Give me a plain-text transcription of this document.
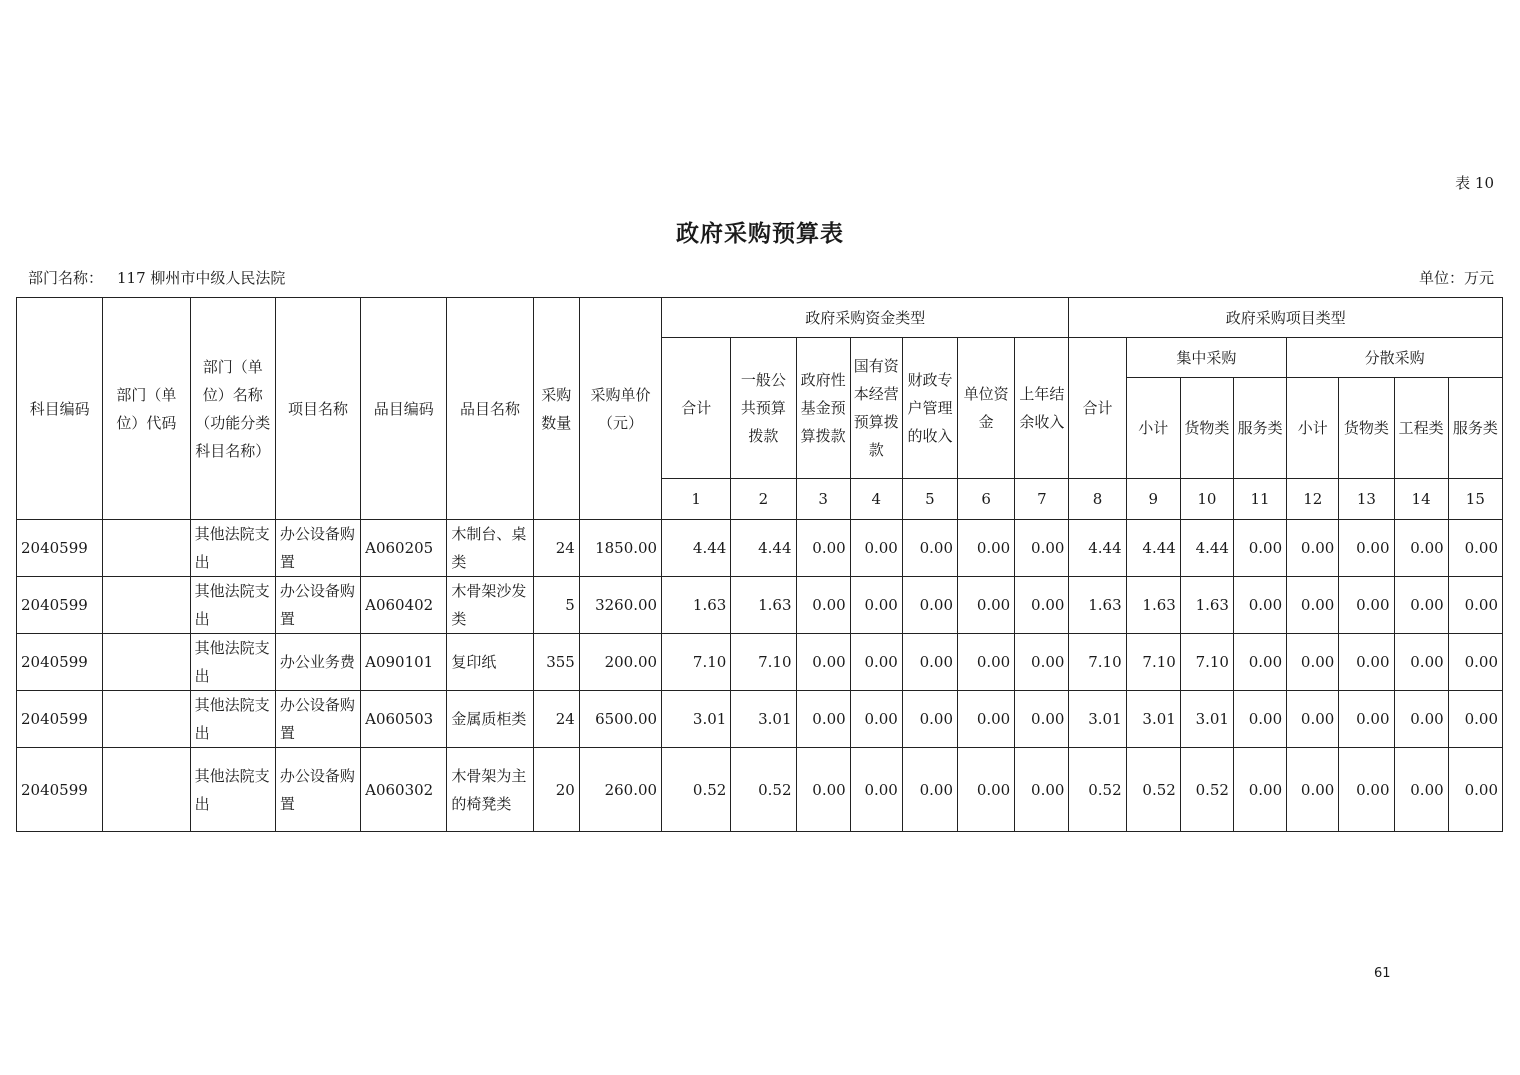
表 10
政府采购预算表
部门名称： 117 柳州市中级人民法院	单位：万元
科目编码	部门（单位）代码	部门（单位）名称（功能分类科目名称）	项目名称	品目编码	品目名称	采购数量	采购单价（元）	政府采购资金类型							政府采购项目类型							
								合计	一般公共预算拨款	政府性基金预算拨款	国有资本经营预算拨款	财政专户管理的收入	单位资金	上年结余收入	合计	集中采购			分散采购			
																小计	货物类	服务类	小计	货物类	工程类	服务类
								1	2	3	4	5	6	7	8	9	10	11	12	13	14	15
2040599		其他法院支出	办公设备购置	A060205	木制台、桌类	24	1850.00	4.44	4.44	0.00	0.00	0.00	0.00	0.00	4.44	4.44	4.44	0.00	0.00	0.00	0.00	0.00
2040599		其他法院支出	办公设备购置	A060402	木骨架沙发类	5	3260.00	1.63	1.63	0.00	0.00	0.00	0.00	0.00	1.63	1.63	1.63	0.00	0.00	0.00	0.00	0.00
2040599		其他法院支出	办公业务费	A090101	复印纸	355	200.00	7.10	7.10	0.00	0.00	0.00	0.00	0.00	7.10	7.10	7.10	0.00	0.00	0.00	0.00	0.00
2040599		其他法院支出	办公设备购置	A060503	金属质柜类	24	6500.00	3.01	3.01	0.00	0.00	0.00	0.00	0.00	3.01	3.01	3.01	0.00	0.00	0.00	0.00	0.00
2040599		其他法院支出	办公设备购置	A060302	木骨架为主的椅凳类	20	260.00	0.52	0.52	0.00	0.00	0.00	0.00	0.00	0.52	0.52	0.52	0.00	0.00	0.00	0.00	0.00
61
